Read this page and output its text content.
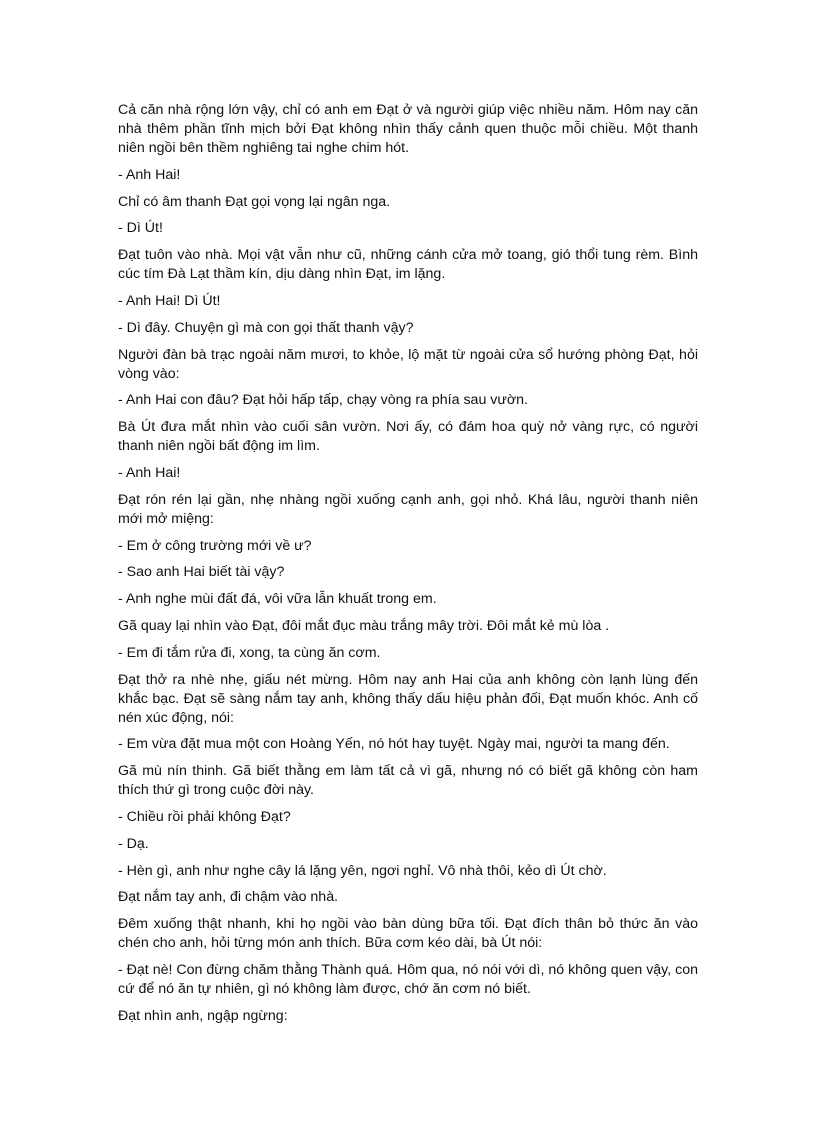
Cả căn nhà rộng lớn vậy, chỉ có anh em Đạt ở và người giúp việc nhiều năm. Hôm nay căn nhà thêm phần tĩnh mịch bởi Đạt không nhìn thấy cảnh quen thuộc mỗi chiều. Một thanh niên ngồi bên thềm nghiêng tai nghe chim hót.

- Anh Hai!

Chỉ có âm thanh Đạt gọi vọng lại ngân nga.

- Dì Út!

Đạt tuôn vào nhà. Mọi vật vẫn như cũ, những cánh cửa mở toang, gió thổi tung rèm. Bình cúc tím Đà Lạt thầm kín, dịu dàng nhìn Đạt, im lặng.

- Anh Hai! Dì Út!

- Dì đây. Chuyện gì mà con gọi thất thanh vậy?

Người đàn bà trạc ngoài năm mươi, to khỏe, lộ mặt từ ngoài cửa sổ hướng phòng Đạt, hỏi vòng vào:

- Anh Hai con đâu? Đạt hỏi hấp tấp, chạy vòng ra phía sau vườn.

Bà Út đưa mắt nhìn vào cuối sân vườn. Nơi ấy, có đám hoa quỳ nở vàng rực, có người thanh niên ngồi bất động im lìm.

- Anh Hai!

Đạt rón rén lại gần, nhẹ nhàng ngồi xuống cạnh anh, gọi nhỏ. Khá lâu, người thanh niên mới mở miệng:

- Em ở công trường mới về ư?

- Sao anh Hai biết tài vậy?

- Anh nghe mùi đất đá, vôi vữa lẫn khuất trong em.

Gã quay lại nhìn vào Đạt, đôi mắt đục màu trắng mây trời. Đôi mắt kẻ mù lòa .

- Em đi tắm rửa đi, xong, ta cùng ăn cơm.

Đạt thở ra nhè nhẹ, giấu nét mừng. Hôm nay anh Hai của anh không còn lạnh lùng đến khắc bạc. Đạt sẽ sàng nắm tay anh, không thấy dấu hiệu phản đối, Đạt muốn khóc. Anh cố nén xúc động, nói:

- Em vừa đặt mua một con Hoàng Yến, nó hót hay tuyệt. Ngày mai, người ta mang đến.

Gã mù nín thinh. Gã biết thằng em làm tất cả vì gã, nhưng nó có biết gã không còn ham thích thứ gì trong cuộc đời này.

- Chiều rồi phải không Đạt?

- Dạ.

- Hèn gì, anh như nghe cây lá lặng yên, ngơi nghỉ. Vô nhà thôi, kẻo dì Út chờ.

Đạt nắm tay anh, đi chậm vào nhà.

Đêm xuống thật nhanh, khi họ ngồi vào bàn dùng bữa tối. Đạt đích thân bỏ thức ăn vào chén cho anh, hỏi từng món anh thích. Bữa cơm kéo dài, bà Út nói:

- Đạt nè! Con đừng chăm thằng Thành quá. Hôm qua, nó nói với dì, nó không quen vậy, con cứ để nó ăn tự nhiên, gì nó không làm được, chớ ăn cơm nó biết.

Đạt nhìn anh, ngập ngừng:
